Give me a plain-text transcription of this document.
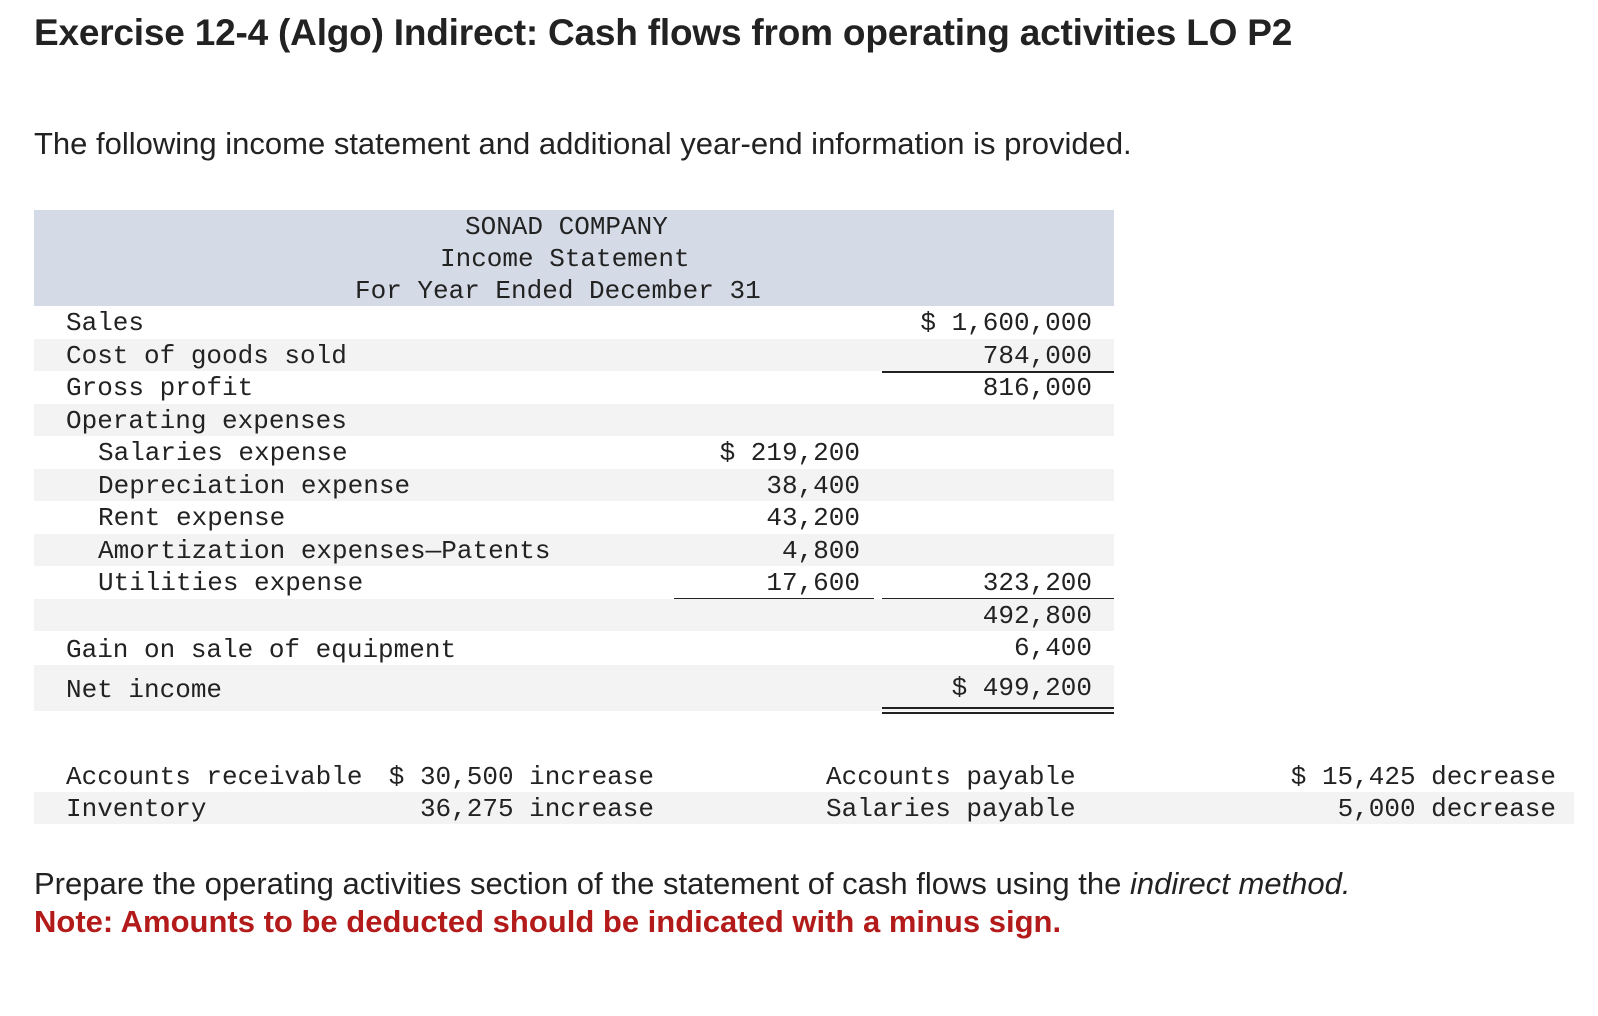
Exercise 12-4 (Algo) Indirect: Cash flows from operating activities LO P2
The following income statement and additional year-end information is provided.
SONAD COMPANY
Income Statement
For Year Ended December 31
Sales	$ 1,600,000
Cost of goods sold	784,000
Gross profit	816,000
Operating expenses
Salaries expense	$ 219,200
Depreciation expense	38,400
Rent expense	43,200
Amortization expenses—Patents	4,800
Utilities expense	17,600	323,200
492,800
Gain on sale of equipment	6,400
Net income	$ 499,200
Accounts receivable $ 30,500 increase	Accounts payable	$ 15,425 decrease
Inventory	36,275 increase	Salaries payable	5,000 decrease
Prepare the operating activities section of the statement of cash flows using the indirect method.
Note: Amounts to be deducted should be indicated with a minus sign.
